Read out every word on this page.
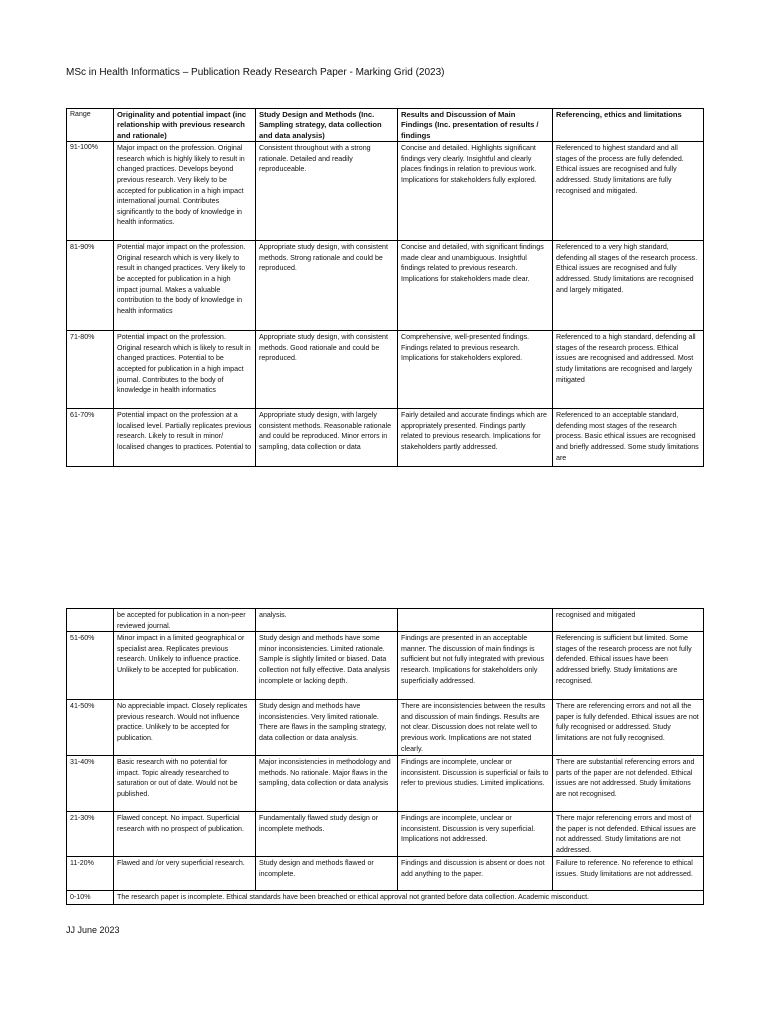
MSc in Health Informatics – Publication Ready Research Paper - Marking Grid (2023)
Range	Originality and potential impact (inc relationship with previous research and rationale)	Study Design and Methods (Inc. Sampling strategy, data collection and data analysis)	Results and Discussion of Main Findings (Inc. presentation of results / findings	Referencing, ethics and limitations
91-100%	Major impact on the profession. Original research which is highly likely to result in changed practices. Develops beyond previous research. Very likely to be accepted for publication in a high impact international journal. Contributes significantly to the body of knowledge in health informatics.	Consistent throughout with a strong rationale. Detailed and readily reproduceable.	Concise and detailed. Highlights significant findings very clearly. Insightful and clearly places findings in relation to previous work. Implications for stakeholders fully explored.	Referenced to highest standard and all stages of the process are fully defended. Ethical issues are recognised and fully addressed. Study limitations are fully recognised and mitigated.
81-90%	Potential major impact on the profession. Original research which is very likely to result in changed practices. Very likely to be accepted for publication in a high impact journal. Makes a valuable contribution to the body of knowledge in health informatics	Appropriate study design, with consistent methods. Strong rationale and could be reproduced.	Concise and detailed, with significant findings made clear and unambiguous. Insightful findings related to previous research. Implications for stakeholders made clear.	Referenced to a very high standard, defending all stages of the research process. Ethical issues are recognised and fully addressed. Study limitations are recognised and largely mitigated.
71-80%	Potential impact on the profession. Original research which is likely to result in changed practices. Potential to be accepted for publication in a high impact journal. Contributes to the body of knowledge in health informatics	Appropriate study design, with consistent methods. Good rationale and could be reproduced.	Comprehensive, well-presented findings. Findings related to previous research. Implications for stakeholders explored.	Referenced to a high standard, defending all stages of the research process. Ethical issues are recognised and addressed. Most study limitations are recognised and largely mitigated
61-70%	Potential impact on the profession at a localised level. Partially replicates previous research. Likely to result in minor/ localised changes to practices. Potential to	Appropriate study design, with largely consistent methods. Reasonable rationale and could be reproduced. Minor errors in sampling, data collection or data	Fairly detailed and accurate findings which are appropriately presented. Findings partly related to previous research. Implications for stakeholders partly addressed.	Referenced to an acceptable standard, defending most stages of the research process. Basic ethical issues are recognised and briefly addressed. Some study limitations are
	be accepted for publication in a non-peer reviewed journal.	analysis.		recognised and mitigated
51-60%	Minor impact in a limited geographical or specialist area. Replicates previous research. Unlikely to influence practice. Unlikely to be accepted for publication.	Study design and methods have some minor inconsistencies. Limited rationale. Sample is slightly limited or biased. Data collection not fully effective. Data analysis incomplete or lacking depth.	Findings are presented in an acceptable manner. The discussion of main findings is sufficient but not fully integrated with previous research. Implications for stakeholders only superficially addressed.	Referencing is sufficient but limited. Some stages of the research process are not fully defended. Ethical issues have been addressed briefly. Study limitations are recognised.
41-50%	No appreciable impact. Closely replicates previous research. Would not influence practice. Unlikely to be accepted for publication.	Study design and methods have inconsistencies. Very limited rationale. There are flaws in the sampling strategy, data collection or data analysis.	There are inconsistencies between the results and discussion of main findings. Results are not clear. Discussion does not relate well to previous work. Implications are not stated clearly.	There are referencing errors and not all the paper is fully defended. Ethical issues are not fully recognised or addressed. Study limitations are not fully recognised.
31-40%	Basic research with no potential for impact. Topic already researched to saturation or out of date. Would not be published.	Major inconsistencies in methodology and methods. No rationale. Major flaws in the sampling, data collection or data analysis	Findings are incomplete, unclear or inconsistent. Discussion is superficial or fails to refer to previous studies. Limited implications.	There are substantial referencing errors and parts of the paper are not defended. Ethical issues are not addressed. Study limitations are not recognised.
21-30%	Flawed concept. No impact. Superficial research with no prospect of publication.	Fundamentally flawed study design or incomplete methods.	Findings are incomplete, unclear or inconsistent. Discussion is very superficial. Implications not addressed.	There major referencing errors and most of the paper is not defended. Ethical issues are not addressed. Study limitations are not addressed.
11-20%	Flawed and /or very superficial research.	Study design and methods flawed or incomplete.	Findings and discussion is absent or does not add anything to the paper.	Failure to reference. No reference to ethical issues. Study limitations are not addressed.
0-10%	The research paper is incomplete. Ethical standards have been breached or ethical approval not granted before data collection. Academic misconduct.			
JJ June 2023
